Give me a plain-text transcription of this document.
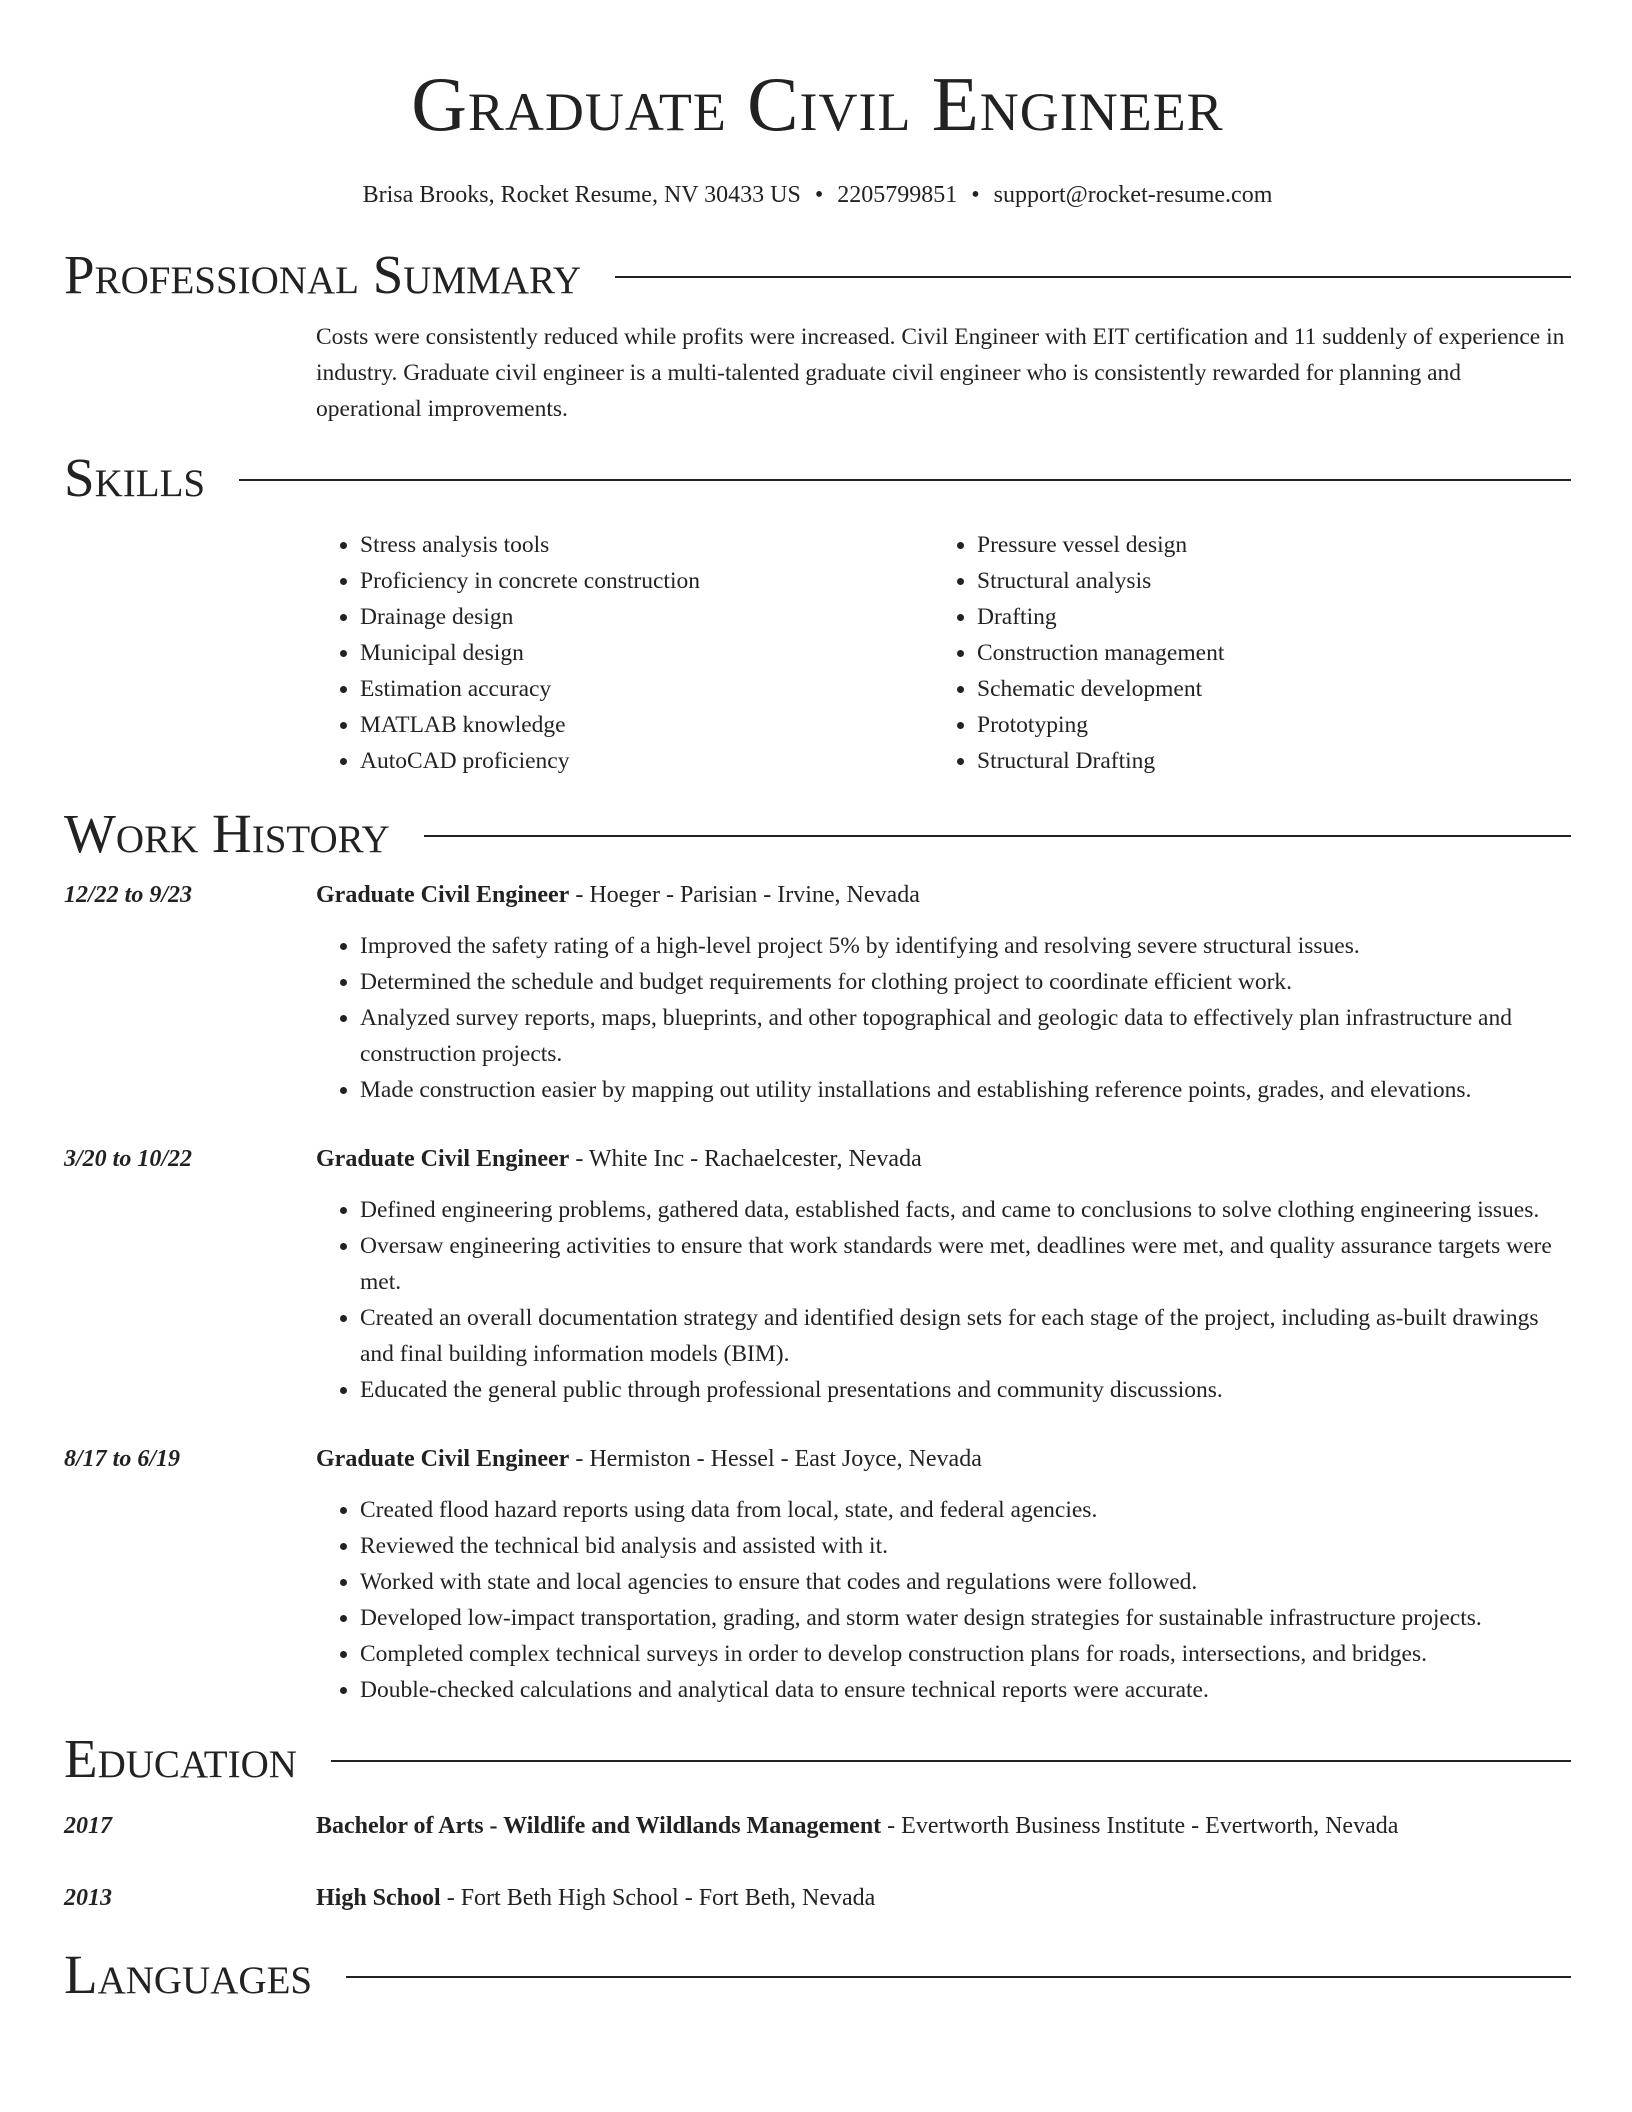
Graduate Civil Engineer
Brisa Brooks, Rocket Resume, NV 30433 US • 2205799851 • support@rocket-resume.com
Professional Summary
Costs were consistently reduced while profits were increased. Civil Engineer with EIT certification and 11 suddenly of experience in industry. Graduate civil engineer is a multi-talented graduate civil engineer who is consistently rewarded for planning and operational improvements.
Skills
• Stress analysis tools
• Proficiency in concrete construction
• Drainage design
• Municipal design
• Estimation accuracy
• MATLAB knowledge
• AutoCAD proficiency
• Pressure vessel design
• Structural analysis
• Drafting
• Construction management
• Schematic development
• Prototyping
• Structural Drafting
Work History
12/22 to 9/23	Graduate Civil Engineer - Hoeger - Parisian - Irvine, Nevada
• Improved the safety rating of a high-level project 5% by identifying and resolving severe structural issues.
• Determined the schedule and budget requirements for clothing project to coordinate efficient work.
• Analyzed survey reports, maps, blueprints, and other topographical and geologic data to effectively plan infrastructure and construction projects.
• Made construction easier by mapping out utility installations and establishing reference points, grades, and elevations.
3/20 to 10/22	Graduate Civil Engineer - White Inc - Rachaelcester, Nevada
• Defined engineering problems, gathered data, established facts, and came to conclusions to solve clothing engineering issues.
• Oversaw engineering activities to ensure that work standards were met, deadlines were met, and quality assurance targets were met.
• Created an overall documentation strategy and identified design sets for each stage of the project, including as-built drawings and final building information models (BIM).
• Educated the general public through professional presentations and community discussions.
8/17 to 6/19	Graduate Civil Engineer - Hermiston - Hessel - East Joyce, Nevada
• Created flood hazard reports using data from local, state, and federal agencies.
• Reviewed the technical bid analysis and assisted with it.
• Worked with state and local agencies to ensure that codes and regulations were followed.
• Developed low-impact transportation, grading, and storm water design strategies for sustainable infrastructure projects.
• Completed complex technical surveys in order to develop construction plans for roads, intersections, and bridges.
• Double-checked calculations and analytical data to ensure technical reports were accurate.
Education
2017	Bachelor of Arts - Wildlife and Wildlands Management - Evertworth Business Institute - Evertworth, Nevada
2013	High School - Fort Beth High School - Fort Beth, Nevada
Languages
